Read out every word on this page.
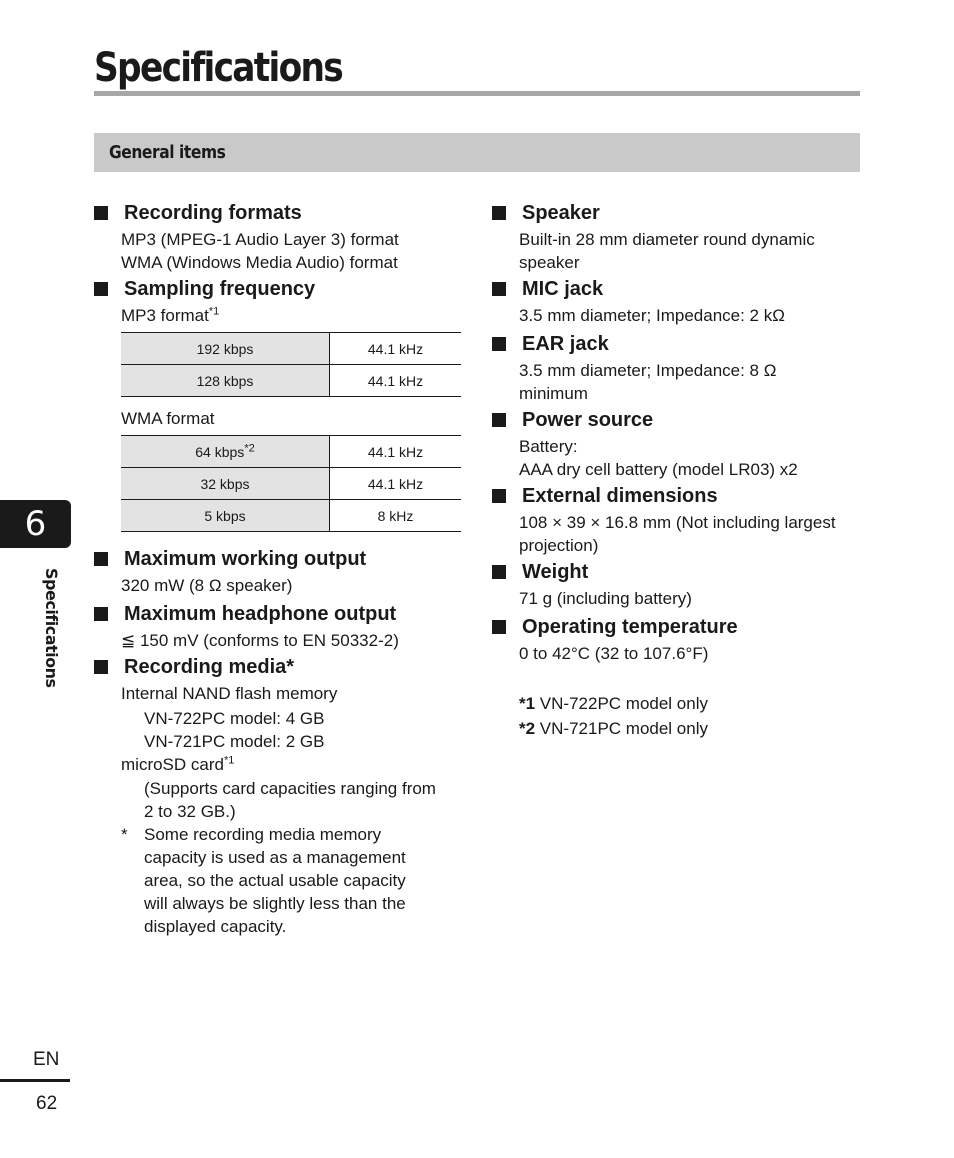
Specifications
General items
Recording formats
MP3 (MPEG-1 Audio Layer 3) format
WMA (Windows Media Audio) format
Sampling frequency
MP3 format$^{*1}$
192 kbps	44.1 kHz
128 kbps	44.1 kHz
WMA format
64 kbps$^{*2}$	44.1 kHz
32 kbps	44.1 kHz
5 kbps	8 kHz
Maximum working output
320 mW (8 Ω speaker)
Maximum headphone output
≦ 150 mV (conforms to EN 50332-2)
Recording media*
Internal NAND flash memory
VN-722PC model: 4 GB
VN-721PC model: 2 GB
microSD card$^{*1}$
(Supports card capacities ranging from
2 to 32 GB.)
* Some recording media memory
capacity is used as a management
area, so the actual usable capacity
will always be slightly less than the
displayed capacity.
Speaker
Built-in 28 mm diameter round dynamic
speaker
MIC jack
3.5 mm diameter; Impedance: 2 kΩ
EAR jack
3.5 mm diameter; Impedance: 8 Ω
minimum
Power source
Battery:
AAA dry cell battery (model LR03) x2
External dimensions
108 × 39 × 16.8 mm (Not including largest
projection)
Weight
71 g (including battery)
Operating temperature
0 to 42°C (32 to 107.6°F)
*1 VN-722PC model only
*2 VN-721PC model only
6
Specifications
EN
62
